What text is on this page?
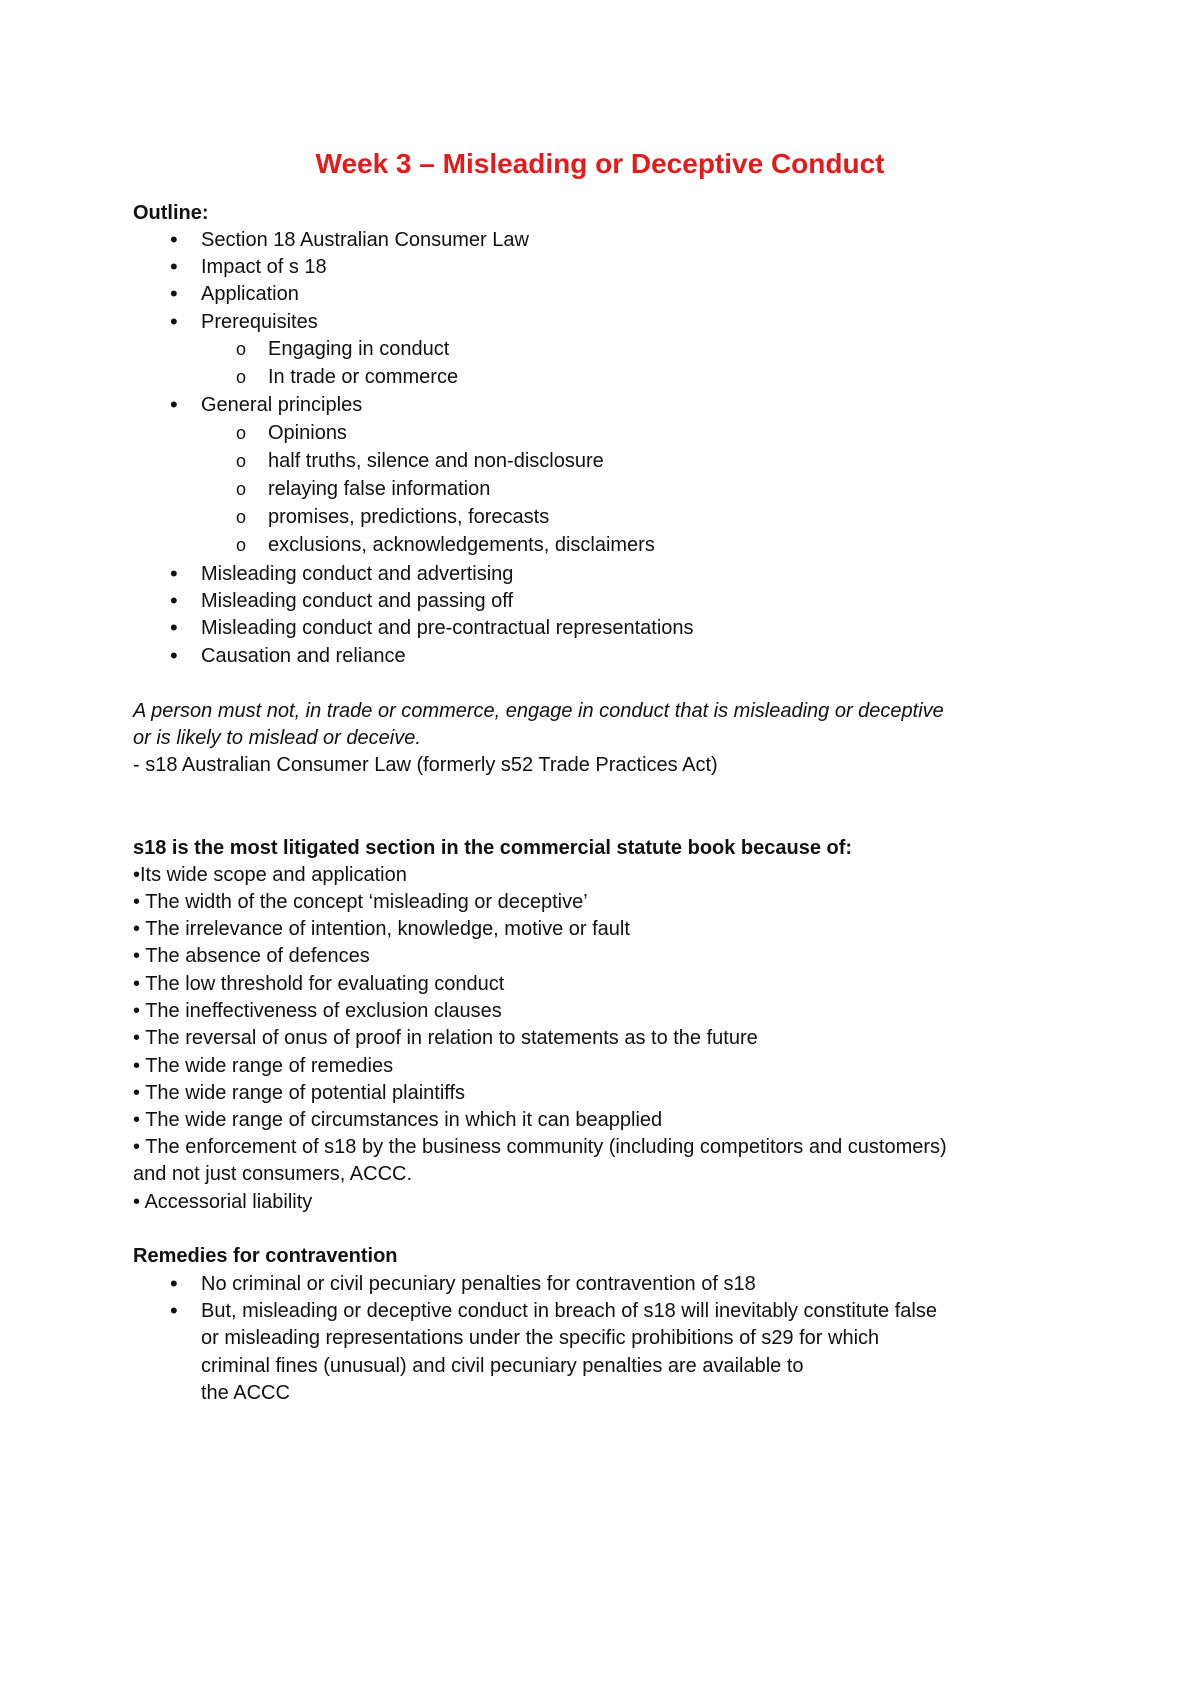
Week 3 – Misleading or Deceptive Conduct
Outline:
•
Section 18 Australian Consumer Law
•
Impact of s 18
•
Application
•
Prerequisites
o Engaging in conduct
o In trade or commerce
•
General principles
o Opinions
o half truths, silence and non-disclosure
o relaying false information
o promises, predictions, forecasts
o exclusions, acknowledgements, disclaimers
•
Misleading conduct and advertising
•
Misleading conduct and passing off
•
Misleading conduct and pre-contractual representations
•
Causation and reliance
A person must not, in trade or commerce, engage in conduct that is misleading or deceptive
or is likely to mislead or deceive.
- s18 Australian Consumer Law (formerly s52 Trade Practices Act)
s18 is the most litigated section in the commercial statute book because of:
•Its wide scope and application
• The width of the concept ‘misleading or deceptive’
• The irrelevance of intention, knowledge, motive or fault
• The absence of defences
• The low threshold for evaluating conduct
• The ineffectiveness of exclusion clauses
• The reversal of onus of proof in relation to statements as to the future
• The wide range of remedies
• The wide range of potential plaintiffs
• The wide range of circumstances in which it can beapplied
• The enforcement of s18 by the business community (including competitors and customers)
and not just consumers, ACCC.
• Accessorial liability
Remedies for contravention
•
No criminal or civil pecuniary penalties for contravention of s18
•
But, misleading or deceptive conduct in breach of s18 will inevitably constitute false
or misleading representations under the specific prohibitions of s29 for which
criminal fines (unusual) and civil pecuniary penalties are available to
the ACCC
